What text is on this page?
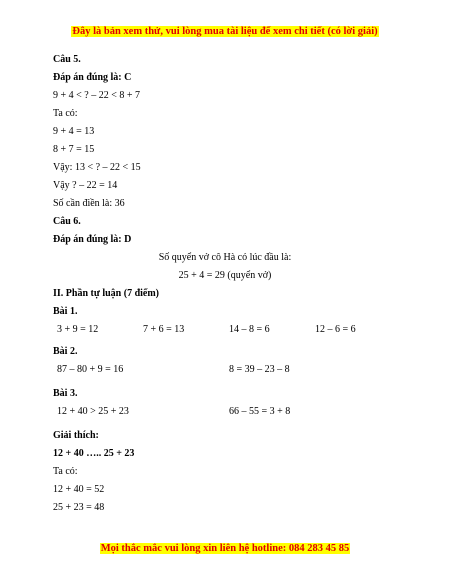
Đây là bản xem thử, vui lòng mua tài liệu để xem chi tiết (có lời giải)
Câu 5.
Đáp án đúng là: C
9 + 4 < ? – 22 < 8 + 7
Ta có:
9 + 4 = 13
8 + 7 = 15
Vậy: 13 < ? – 22 < 15
Vậy ? – 22 = 14
Số cần điền là: 36
Câu 6.
Đáp án đúng là: D
Số quyển vở cô Hà có lúc đầu là:
25 + 4 = 29 (quyển vở)
II. Phần tự luận (7 điểm)
Bài 1.
3 + 9 = 12	7 + 6 = 13	14 – 8 = 6	12 – 6 = 6
Bài 2.
87 – 80 + 9 = 16	8 = 39 – 23 – 8
Bài 3.
12 + 40 > 25 + 23	66 – 55 = 3 + 8
Giải thích:
12 + 40 ….. 25 + 23
Ta có:
12 + 40 = 52
25 + 23 = 48
Mọi thắc mắc vui lòng xin liên hệ hotline: 084 283 45 85
